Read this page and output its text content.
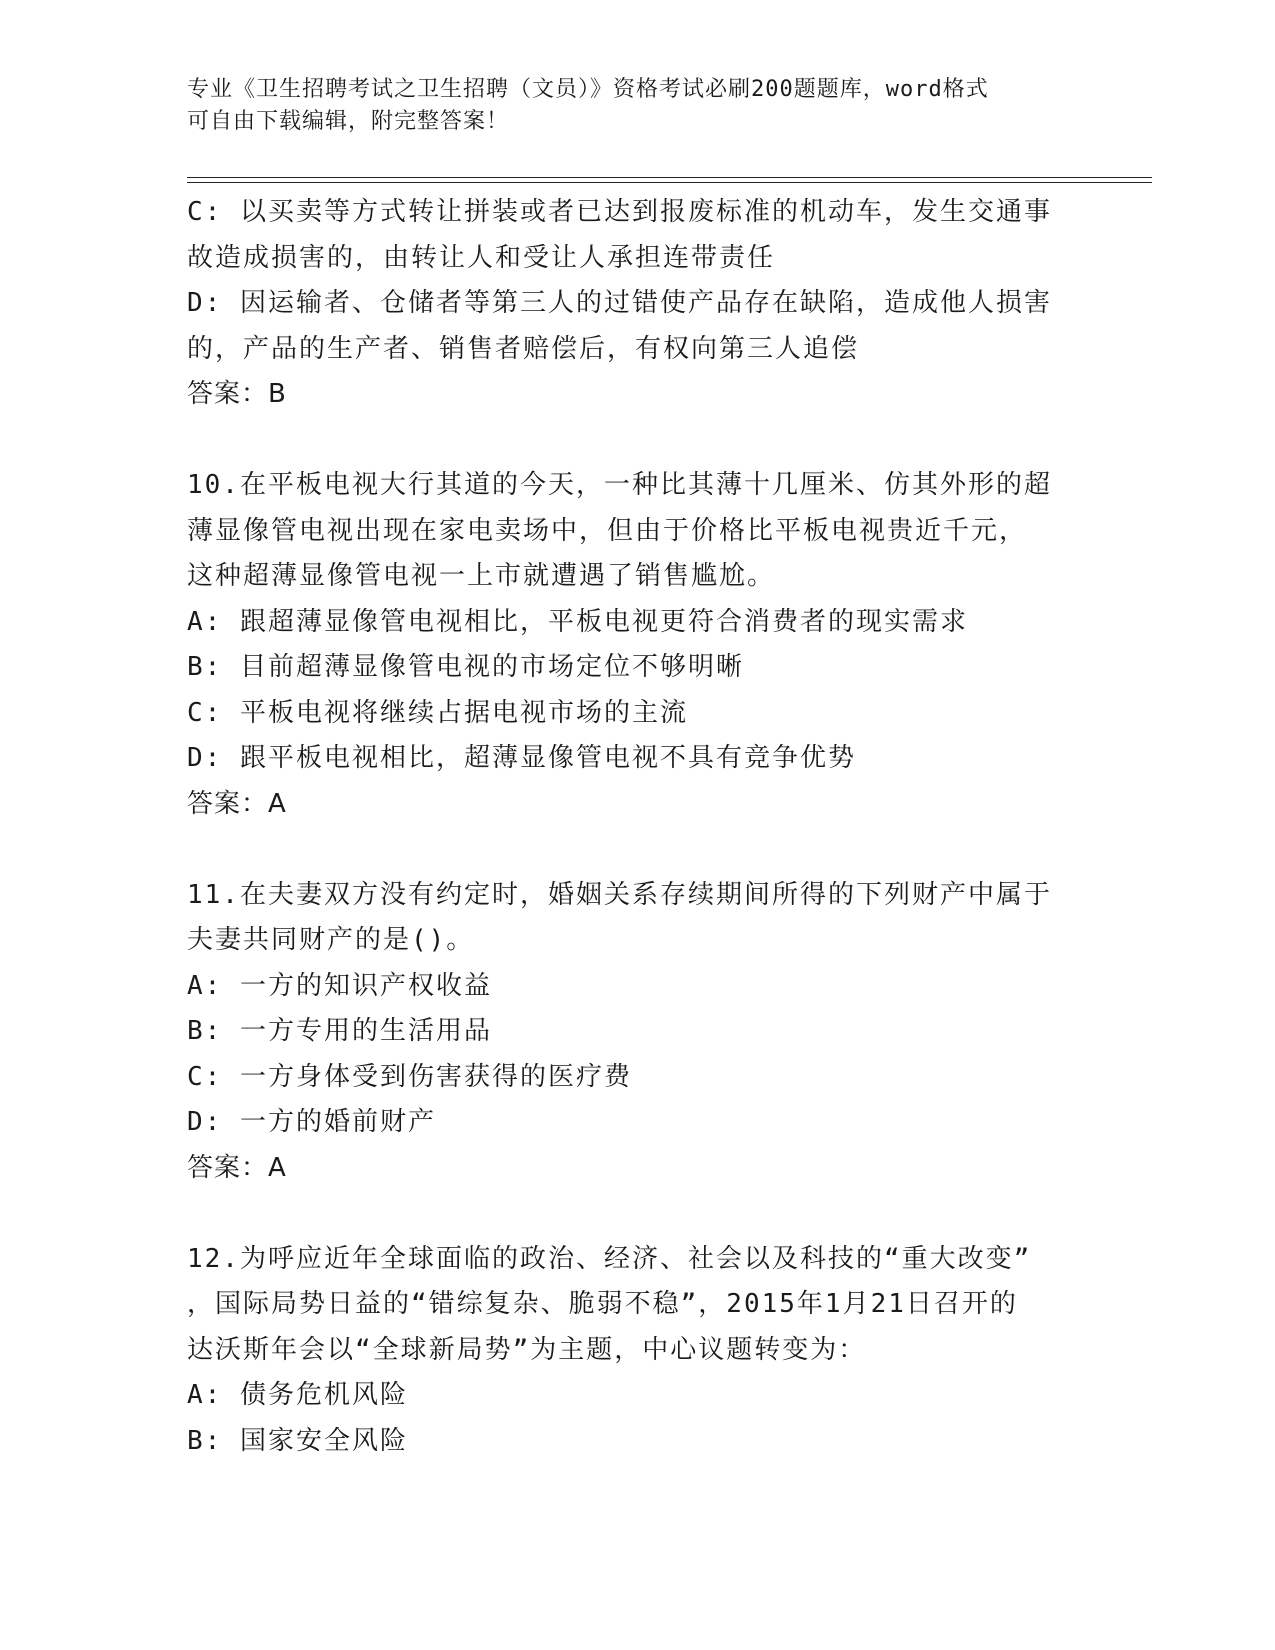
专业《卫生招聘考试之卫生招聘（文员）》资格考试必刷200题题库，word格式
可自由下载编辑，附完整答案！
C: 以买卖等方式转让拼装或者已达到报废标准的机动车，发生交通事
故造成损害的，由转让人和受让人承担连带责任
D: 因运输者、仓储者等第三人的过错使产品存在缺陷，造成他人损害
的，产品的生产者、销售者赔偿后，有权向第三人追偿
答案：B
10.在平板电视大行其道的今天，一种比其薄十几厘米、仿其外形的超
薄显像管电视出现在家电卖场中，但由于价格比平板电视贵近千元，
这种超薄显像管电视一上市就遭遇了销售尴尬。
A: 跟超薄显像管电视相比，平板电视更符合消费者的现实需求
B: 目前超薄显像管电视的市场定位不够明晰
C: 平板电视将继续占据电视市场的主流
D: 跟平板电视相比，超薄显像管电视不具有竞争优势
答案：A
11.在夫妻双方没有约定时，婚姻关系存续期间所得的下列财产中属于
夫妻共同财产的是()。
A: 一方的知识产权收益
B: 一方专用的生活用品
C: 一方身体受到伤害获得的医疗费
D: 一方的婚前财产
答案：A
12.为呼应近年全球面临的政治、经济、社会以及科技的“重大改变”
，国际局势日益的“错综复杂、脆弱不稳”，2015年1月21日召开的
达沃斯年会以“全球新局势”为主题，中心议题转变为：
A: 债务危机风险
B: 国家安全风险
